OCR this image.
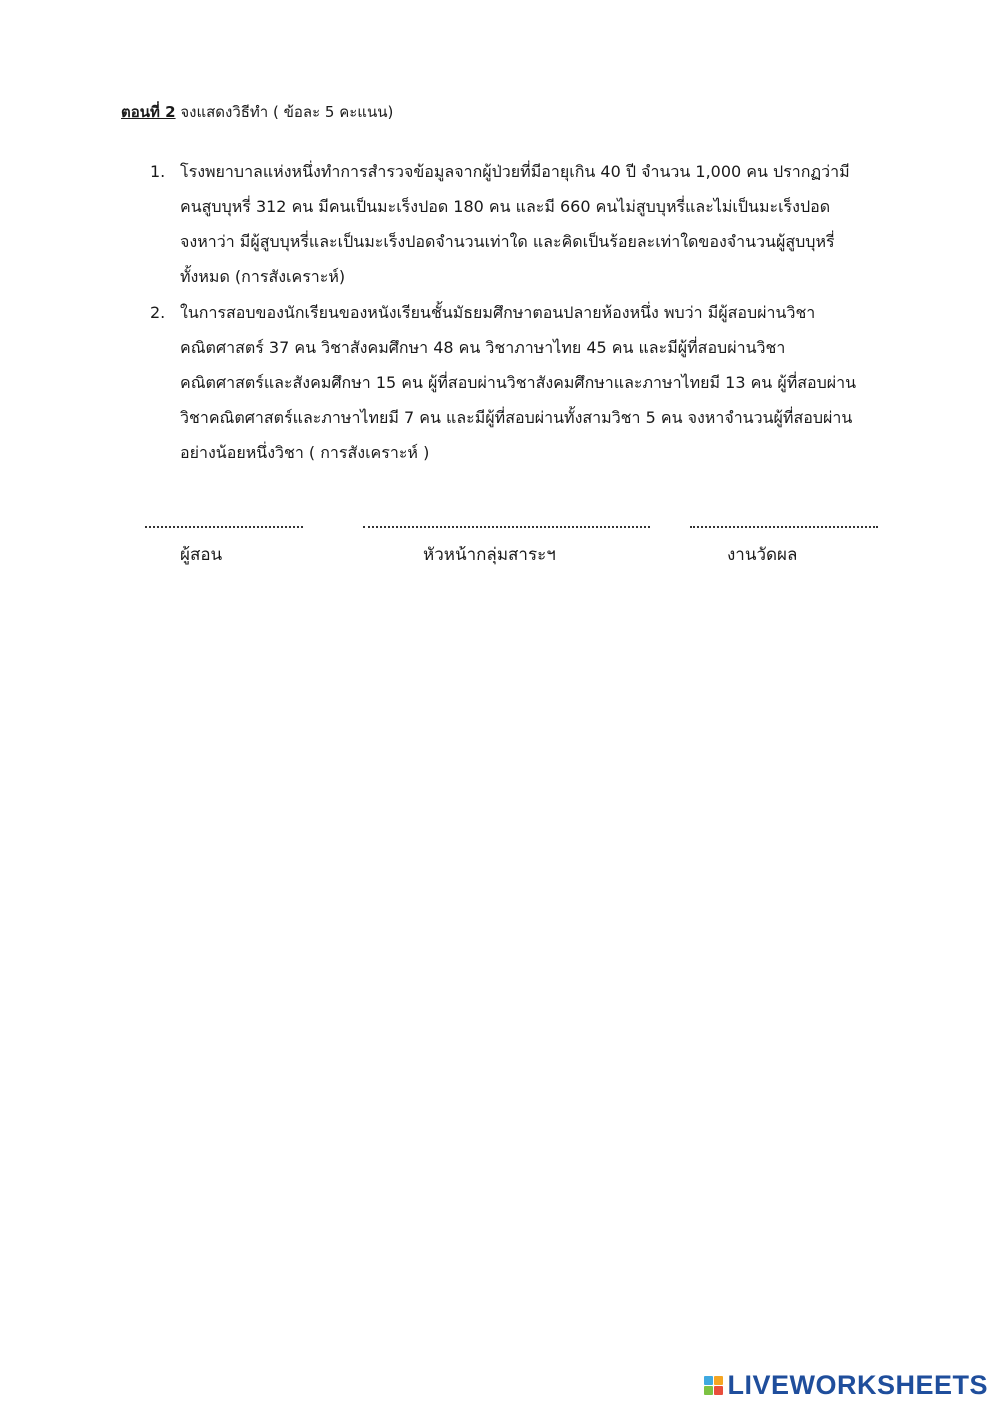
ตอนที่ 2 จงแสดงวิธีทำ ( ข้อละ 5 คะแนน)
1. โรงพยาบาลแห่งหนึ่งทำการสำรวจข้อมูลจากผู้ป่วยที่มีอายุเกิน 40 ปี จำนวน 1,000 คน ปรากฏว่ามี
คนสูบบุหรี่ 312 คน มีคนเป็นมะเร็งปอด 180 คน และมี 660 คนไม่สูบบุหรี่และไม่เป็นมะเร็งปอด
จงหาว่า มีผู้สูบบุหรี่และเป็นมะเร็งปอดจำนวนเท่าใด และคิดเป็นร้อยละเท่าใดของจำนวนผู้สูบบุหรี่
ทั้งหมด (การสังเคราะห์)
2. ในการสอบของนักเรียนของหนังเรียนชั้นมัธยมศึกษาตอนปลายห้องหนึ่ง พบว่า มีผู้สอบผ่านวิชา
คณิตศาสตร์ 37 คน วิชาสังคมศึกษา 48 คน วิชาภาษาไทย 45 คน และมีผู้ที่สอบผ่านวิชา
คณิตศาสตร์และสังคมศึกษา 15 คน ผู้ที่สอบผ่านวิชาสังคมศึกษาและภาษาไทยมี 13 คน ผู้ที่สอบผ่าน
วิชาคณิตศาสตร์และภาษาไทยมี 7 คน และมีผู้ที่สอบผ่านทั้งสามวิชา 5 คน จงหาจำนวนผู้ที่สอบผ่าน
อย่างน้อยหนึ่งวิชา ( การสังเคราะห์ )
ผู้สอน	หัวหน้ากลุ่มสาระฯ	งานวัดผล
LIVEWORKSHEETS
